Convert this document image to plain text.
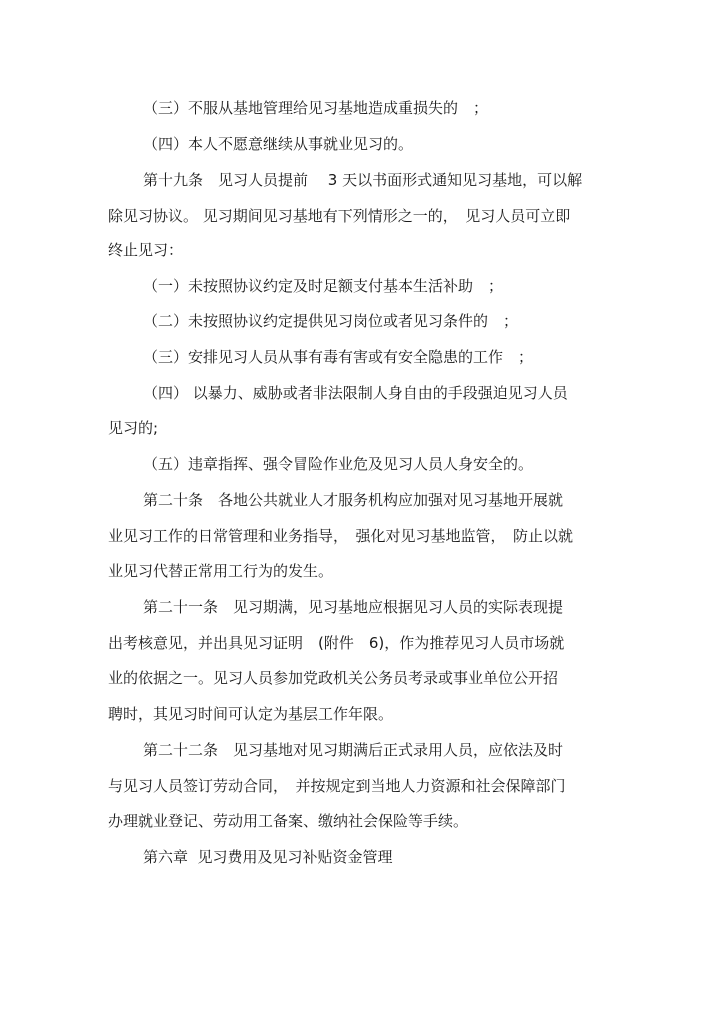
（三）不服从基地管理给见习基地造成重损失的　；
（四）本人不愿意继续从事就业见习的。
第十九条　见习人员提前　 3 天以书面形式通知见习基地，可以解
除见习协议。 见习期间见习基地有下列情形之一的，　见习人员可立即
终止见习：
（一）未按照协议约定及时足额支付基本生活补助　；
（二）未按照协议约定提供见习岗位或者见习条件的　；
（三）安排见习人员从事有毒有害或有安全隐患的工作　；
（四） 以暴力、威胁或者非法限制人身自由的手段强迫见习人员
见习的;
（五）违章指挥、强令冒险作业危及见习人员人身安全的。
第二十条　各地公共就业人才服务机构应加强对见习基地开展就
业见习工作的日常管理和业务指导，　强化对见习基地监管，　防止以就
业见习代替正常用工行为的发生。
第二十一条　见习期满，见习基地应根据见习人员的实际表现提
出考核意见，并出具见习证明　(附件　6)，作为推荐见习人员市场就
业的依据之一。见习人员参加党政机关公务员考录或事业单位公开招
聘时，其见习时间可认定为基层工作年限。
第二十二条　见习基地对见习期满后正式录用人员，应依法及时
与见习人员签订劳动合同，　并按规定到当地人力资源和社会保障部门
办理就业登记、劳动用工备案、缴纳社会保险等手续。
第六章  见习费用及见习补贴资金管理
